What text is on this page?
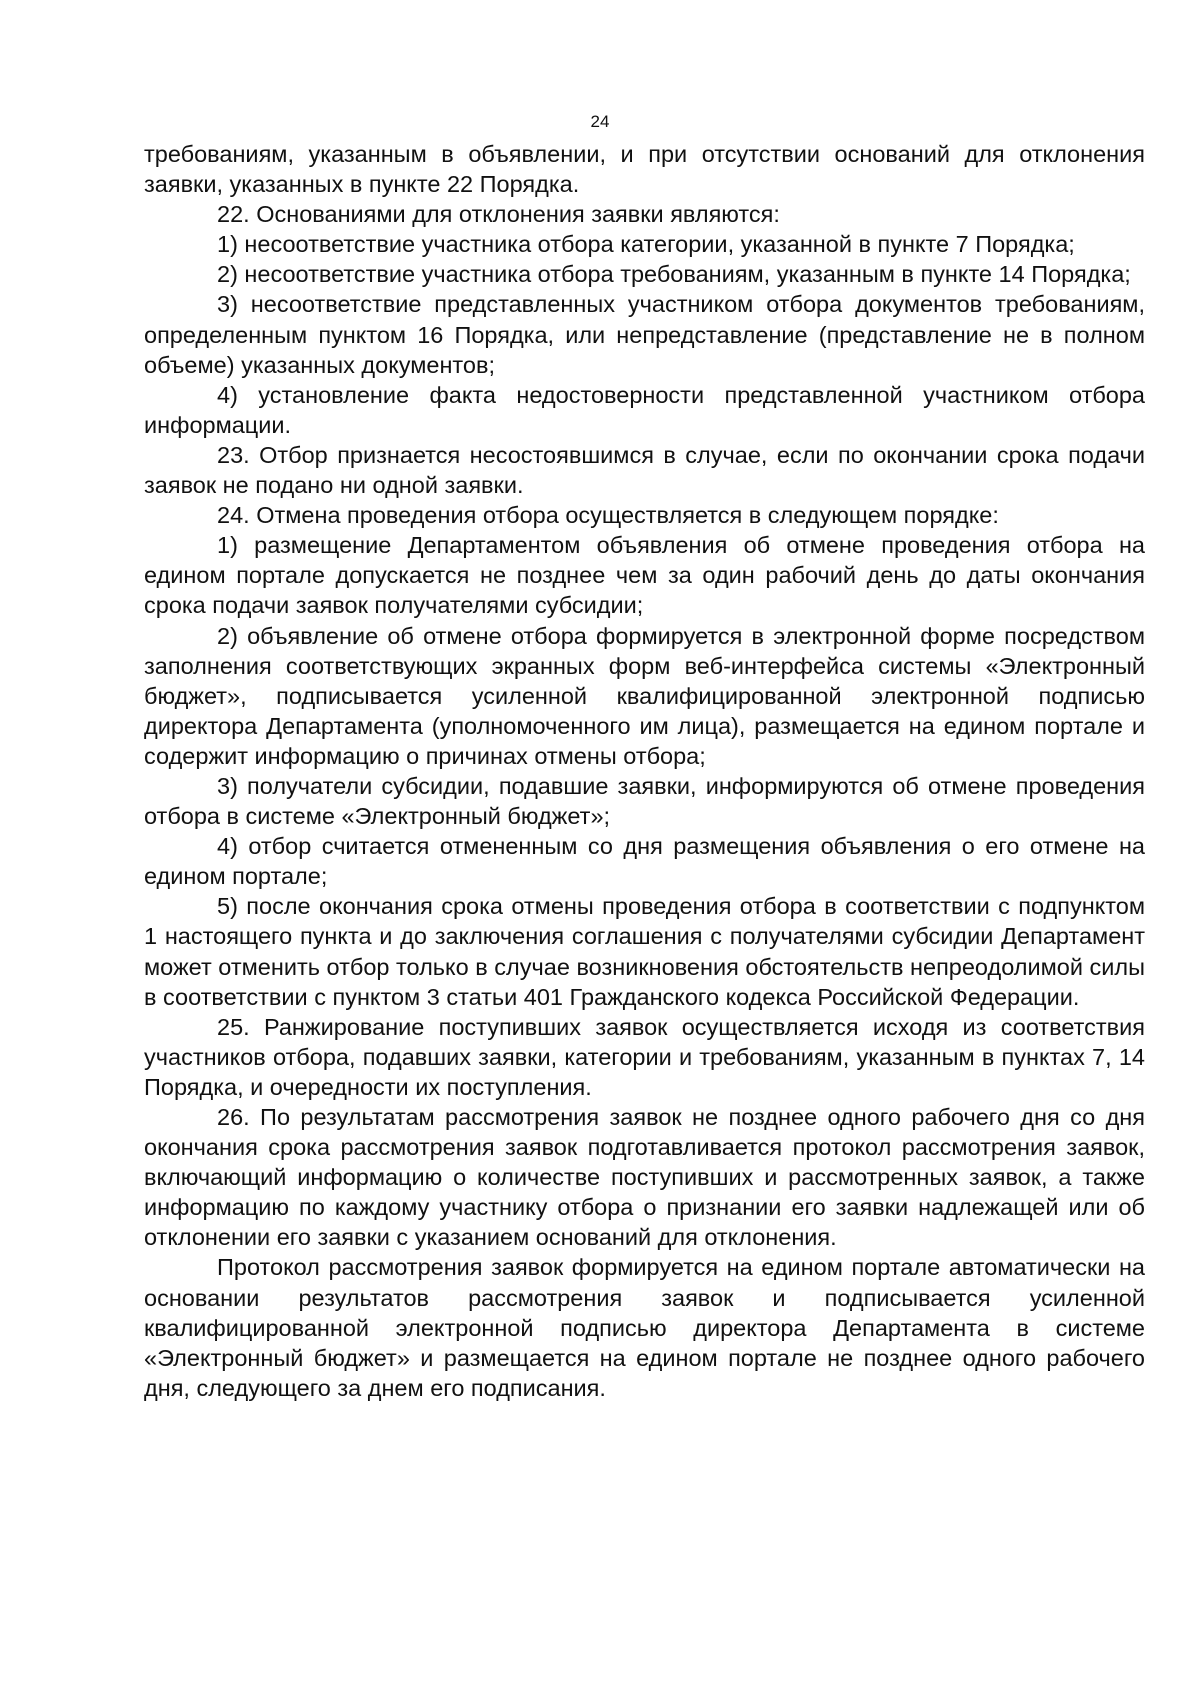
24

требованиям, указанным в объявлении, и при отсутствии оснований для отклонения заявки, указанных в пункте 22 Порядка.

22. Основаниями для отклонения заявки являются:

1) несоответствие участника отбора категории, указанной в пункте 7 Порядка;

2) несоответствие участника отбора требованиям, указанным в пункте 14 Порядка;

3) несоответствие представленных участником отбора документов требованиям, определенным пунктом 16 Порядка, или непредставление (представление не в полном объеме) указанных документов;

4) установление факта недостоверности представленной участником отбора информации.

23. Отбор признается несостоявшимся в случае, если по окончании срока подачи заявок не подано ни одной заявки.

24. Отмена проведения отбора осуществляется в следующем порядке:

1) размещение Департаментом объявления об отмене проведения отбора на едином портале допускается не позднее чем за один рабочий день до даты окончания срока подачи заявок получателями субсидии;

2) объявление об отмене отбора формируется в электронной форме посредством заполнения соответствующих экранных форм веб-интерфейса системы «Электронный бюджет», подписывается усиленной квалифицированной электронной подписью директора Департамента (уполномоченного им лица), размещается на едином портале и содержит информацию о причинах отмены отбора;

3) получатели субсидии, подавшие заявки, информируются об отмене проведения отбора в системе «Электронный бюджет»;

4) отбор считается отмененным со дня размещения объявления о его отмене на едином портале;

5) после окончания срока отмены проведения отбора в соответствии с подпунктом 1 настоящего пункта и до заключения соглашения с получателями субсидии Департамент может отменить отбор только в случае возникновения обстоятельств непреодолимой силы в соответствии с пунктом 3 статьи 401 Гражданского кодекса Российской Федерации.

25. Ранжирование поступивших заявок осуществляется исходя из соответствия участников отбора, подавших заявки, категории и требованиям, указанным в пунктах 7, 14 Порядка, и очередности их поступления.

26. По результатам рассмотрения заявок не позднее одного рабочего дня со дня окончания срока рассмотрения заявок подготавливается протокол рассмотрения заявок, включающий информацию о количестве поступивших и рассмотренных заявок, а также информацию по каждому участнику отбора о признании его заявки надлежащей или об отклонении его заявки с указанием оснований для отклонения.

Протокол рассмотрения заявок формируется на едином портале автоматически на основании результатов рассмотрения заявок и подписывается усиленной квалифицированной электронной подписью директора Департамента в системе «Электронный бюджет» и размещается на едином портале не позднее одного рабочего дня, следующего за днем его подписания.
